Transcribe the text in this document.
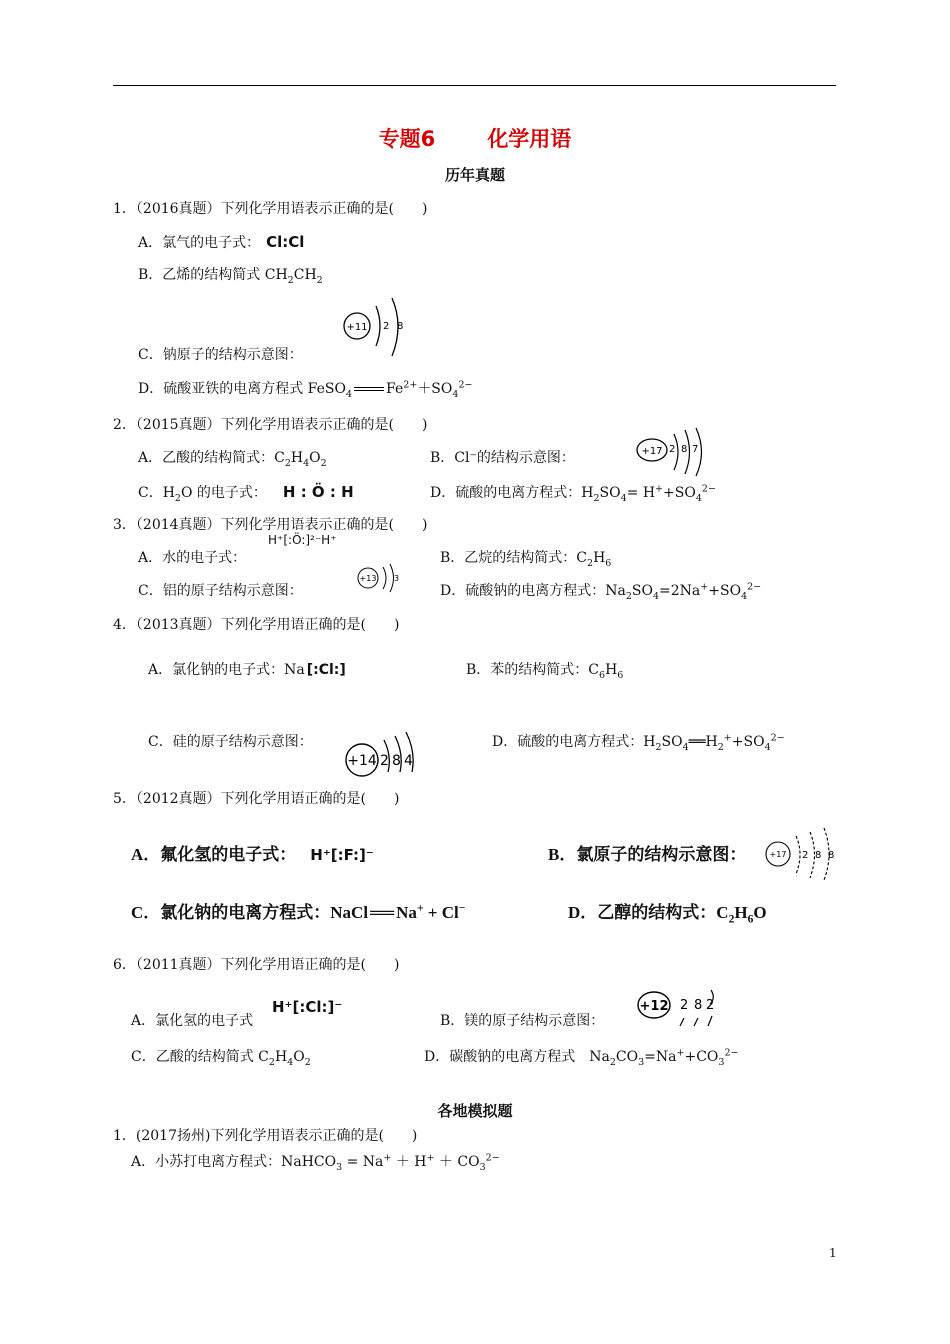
专题6 化学用语
历年真题
1．（2016真题）下列化学用语表示正确的是(　　)
A．氯气的电子式： Cl:Cl
B．乙烯的结构简式 $CH_2CH_2$
C．钠原子的结构示意图：
+11 2 8
D．硫酸亚铁的电离方程式 FeSO$_4$ $Fe^{2+}+SO_4^{2-}$
2．（2015真题）下列化学用语表示正确的是(　　)
A．乙酸的结构简式：$C_2H_4O_2$	B．Cl⁻的结构示意图：	+17 2 8 7
C．$H_2O$ 的电子式： H : Ö : H	D．硫酸的电离方程式：$H_2SO_4= H^++SO_4^{2-}$
3．（2014真题）下列化学用语表示正确的是(　　)
A．水的电子式：
H⁺[:Ö:]²⁻H⁺
B．乙烷的结构简式：$C_2H_6$
C．铝的原子结构示意图：
+13 3
D．硫酸钠的电离方程式：$Na_2SO_4=2Na^++SO_4^{2-}$
4．（2013真题）下列化学用语正确的是(　　)
A．氯化钠的电子式：Na [:Cl:]	B．苯的结构简式：$C_6H_6$
C．硅的原子结构示意图：
+14 2 8 4
D．硫酸的电离方程式：$H_2SO_4══H_2^++SO_4^{2-}$
5．（2012真题）下列化学用语正确的是(　　)
A．氟化氢的电子式： H⁺[:F:]⁻	B．氯原子的结构示意图：	+17 2 8 8
C．氯化钠的电离方程式：NaCl ══ Na+ + Cl−	D．乙醇的结构式：$C_2H_6O$
6．（2011真题）下列化学用语正确的是(　　)
A．氯化氢的电子式
H⁺[:Cl:]⁻
B．镁的原子结构示意图：
+12 2 8 2
C．乙酸的结构简式 $C_2H_4O_2$	D．碳酸钠的电离方程式　$Na_2CO_3=Na^++CO_3^{2-}$
各地模拟题
1．(2017扬州)下列化学用语表示正确的是(　　)
A．小苏打电离方程式：NaHCO$_3$ = $Na^+ + H^+ + CO_3^{2-}$
1
